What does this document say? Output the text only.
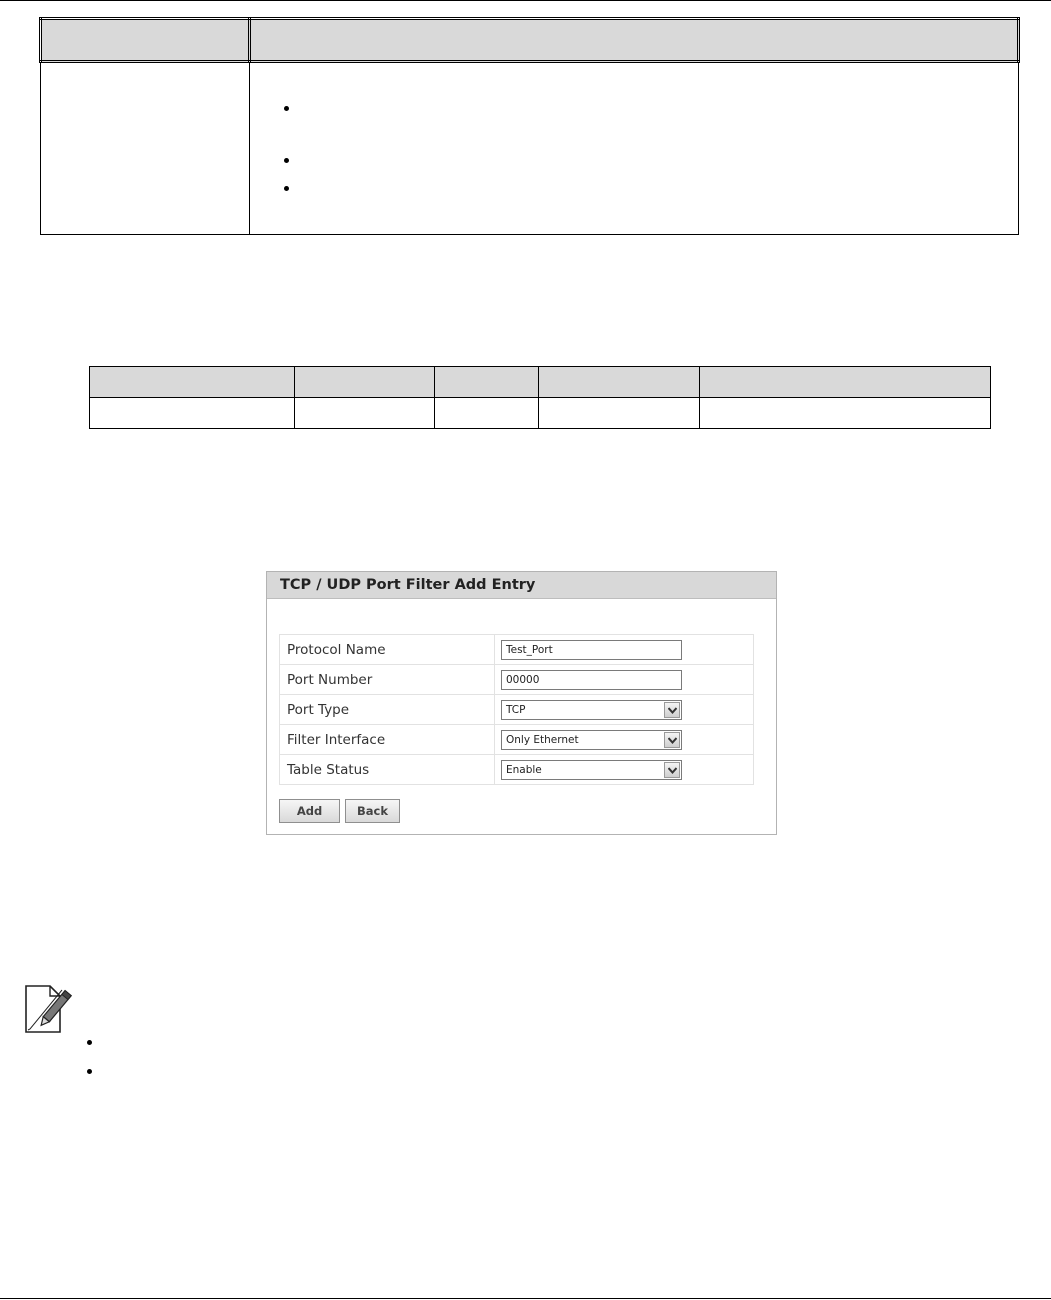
TCP / UDP Port Filter Add Entry
Protocol Name	Test_Port

Port Number	00000

Port Type	TCP

Filter Interface	Only Ethernet

Table Status	Enable
Add	Back
